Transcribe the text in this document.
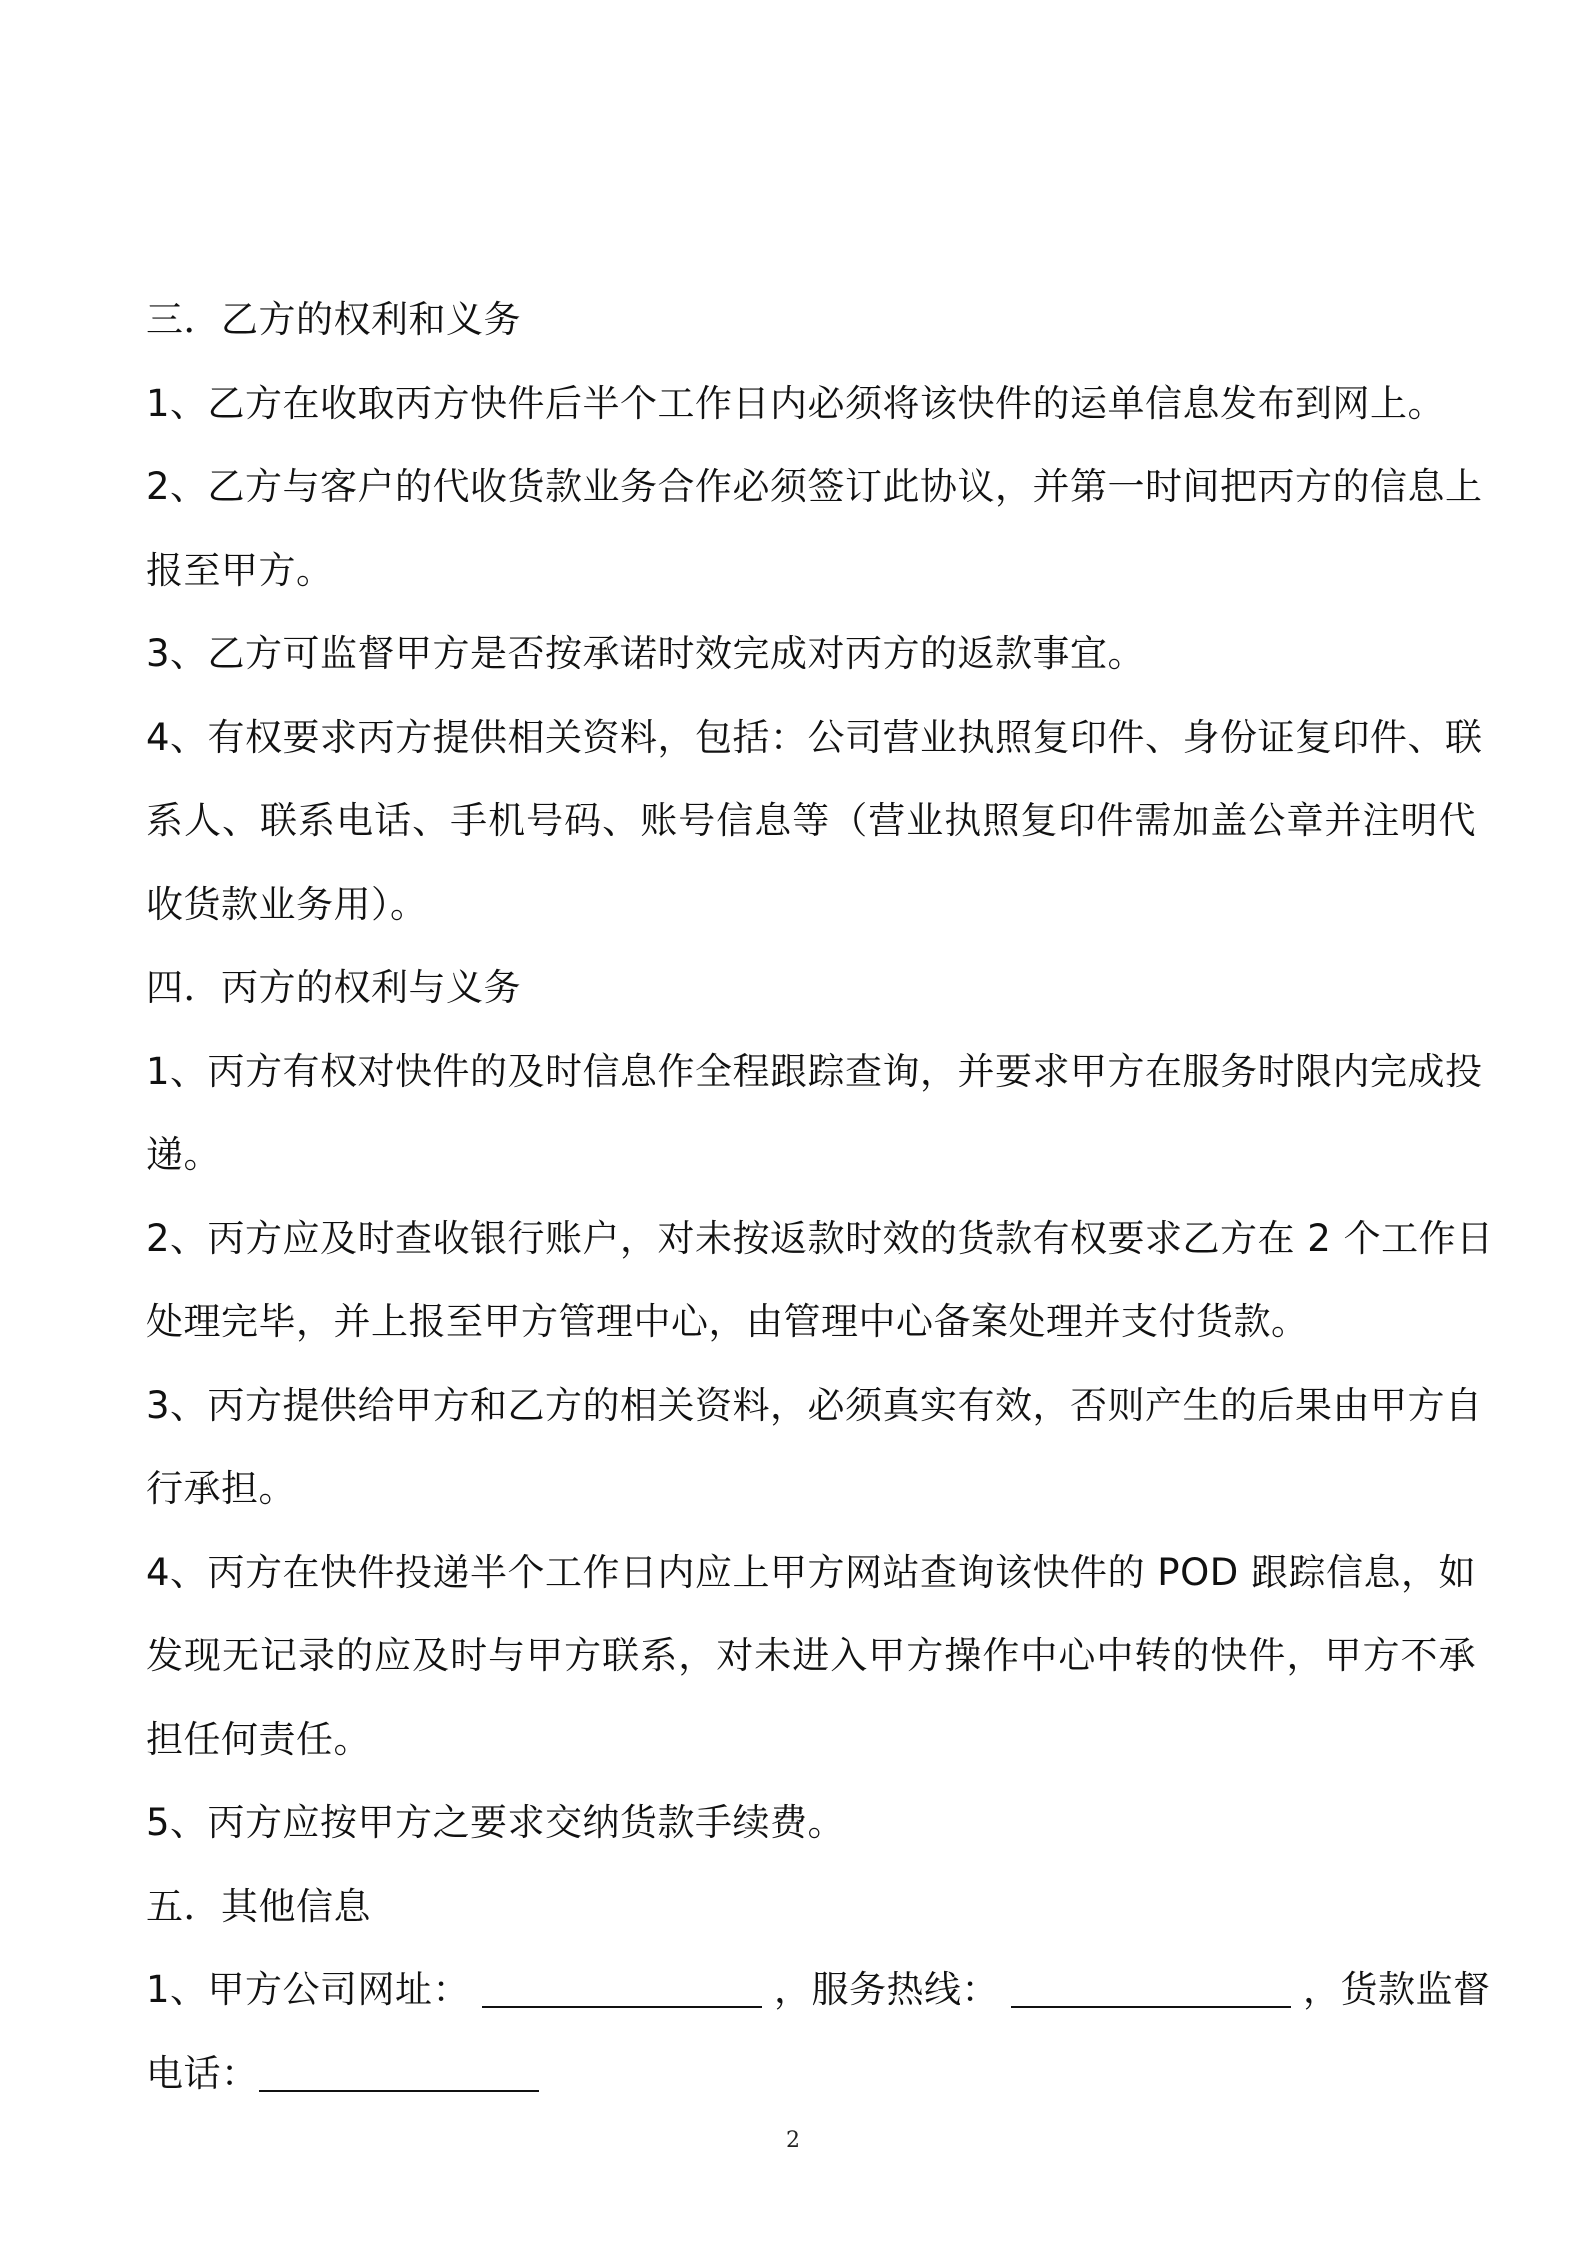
三．乙方的权利和义务
1、乙方在收取丙方快件后半个工作日内必须将该快件的运单信息发布到网上。
2、乙方与客户的代收货款业务合作必须签订此协议，并第一时间把丙方的信息上
报至甲方。
3、乙方可监督甲方是否按承诺时效完成对丙方的返款事宜。
4、有权要求丙方提供相关资料，包括：公司营业执照复印件、身份证复印件、联
系人、联系电话、手机号码、账号信息等（营业执照复印件需加盖公章并注明代
收货款业务用）。
四．丙方的权利与义务
1、丙方有权对快件的及时信息作全程跟踪查询，并要求甲方在服务时限内完成投
递。
2、丙方应及时查收银行账户，对未按返款时效的货款有权要求乙方在 2 个工作日
处理完毕，并上报至甲方管理中心，由管理中心备案处理并支付货款。
3、丙方提供给甲方和乙方的相关资料，必须真实有效，否则产生的后果由甲方自
行承担。
4、丙方在快件投递半个工作日内应上甲方网站查询该快件的 POD 跟踪信息，如
发现无记录的应及时与甲方联系，对未进入甲方操作中心中转的快件，甲方不承
担任何责任。
5、丙方应按甲方之要求交纳货款手续费。
五．其他信息
1、甲方公司网址：	，服务热线：	，货款监督
电话：
2
